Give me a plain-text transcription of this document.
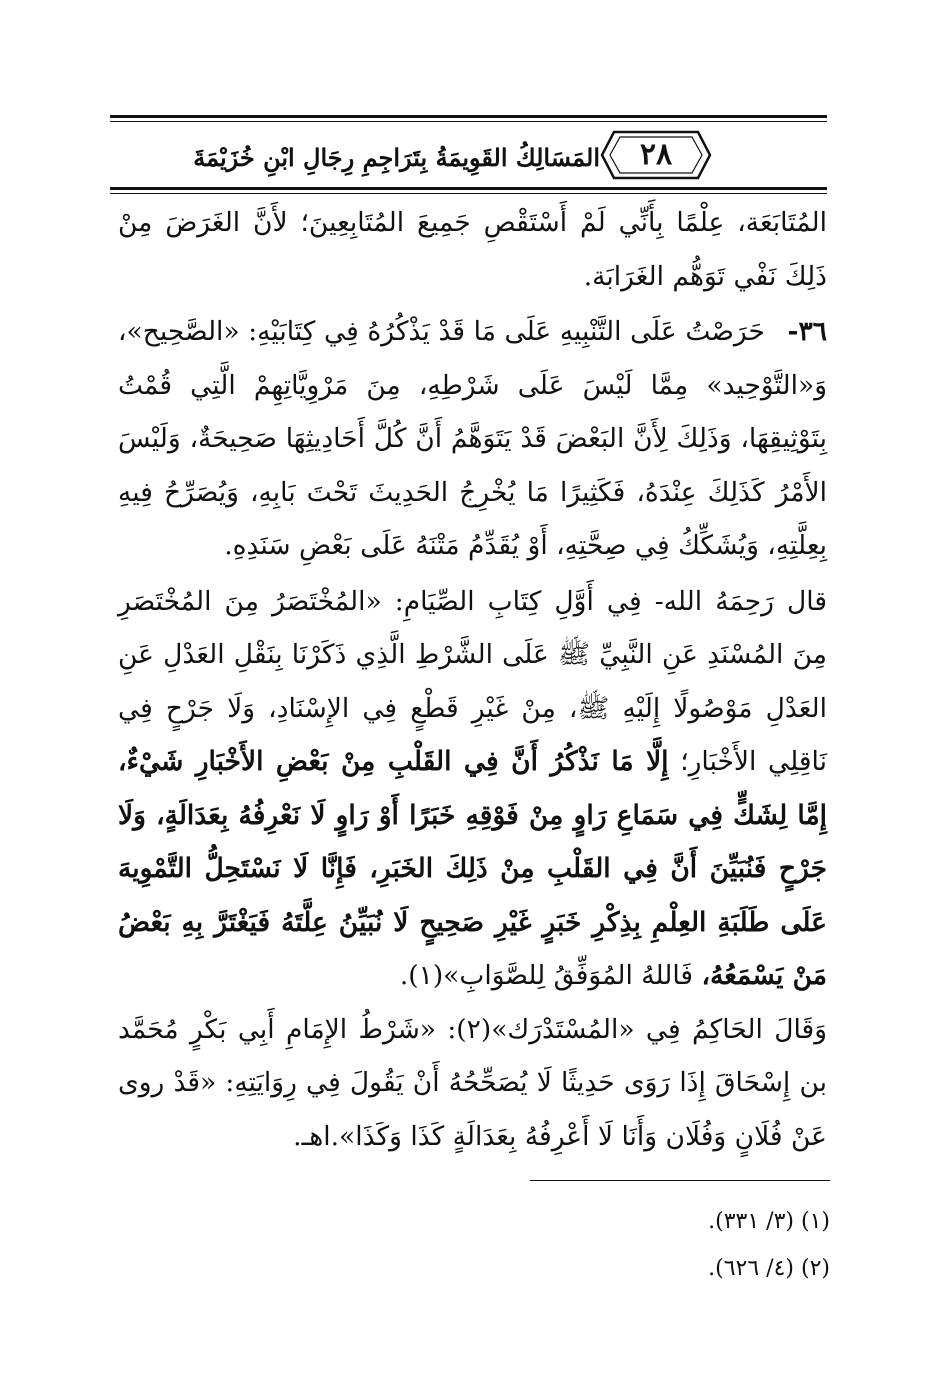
٢٨
المَسَالِكُ القَوِيمَةُ بِتَرَاجِمِ رِجَالِ ابْنِ خُزَيْمَةَ

المُتَابَعَة، عِلْمًا بِأَنِّي لَمْ أَسْتَقْصِ جَمِيعَ المُتَابِعِينَ؛ لأَنَّ الغَرَضَ مِنْ ذَلِكَ نَفْي تَوَهُّم الغَرَابَة.

٣٦- حَرَصْتُ عَلَى التَّنْبِيهِ عَلَى مَا قَدْ يَذْكُرُهُ فِي كِتَابَيْهِ: «الصَّحِيح»، وَ«التَّوْحِيد» مِمَّا لَيْسَ عَلَى شَرْطِهِ، مِنَ مَرْوِيَّاتِهِمْ الَّتِي قُمْتُ بِتَوْثِيقِهَا، وَذَلِكَ لِأَنَّ البَعْضَ قَدْ يَتَوَهَّمُ أَنَّ كُلَّ أَحَادِيثِهَا صَحِيحَةٌ، وَلَيْسَ الأَمْرُ كَذَلِكَ عِنْدَهُ، فَكَثِيرًا مَا يُخْرِجُ الحَدِيثَ تَحْتَ بَابِهِ، وَيُصَرِّحُ فِيهِ بِعِلَّتِهِ، وَيُشَكِّكُ فِي صِحَّتِهِ، أَوْ يُقَدِّمُ مَتْنَهُ عَلَى بَعْضِ سَنَدِهِ.

قال رَحِمَهُ الله- فِي أَوَّلِ كِتَابِ الصِّيَامِ: «المُخْتَصَرُ مِنَ المُخْتَصَرِ مِنَ المُسْنَدِ عَنِ النَّبِيِّ ﷺ عَلَى الشَّرْطِ الَّذِي ذَكَرْنَا بِنَقْلِ العَدْلِ عَنِ العَدْلِ مَوْصُولًا إِلَيْهِ ﷺ، مِنْ غَيْرِ قَطْعٍ فِي الإِسْنَادِ، وَلَا جَرْحٍ فِي نَاقِلِي الأَخْبَارِ؛ إِلَّا مَا نَذْكُرُ أَنَّ فِي القَلْبِ مِنْ بَعْضِ الأَخْبَارِ شَيْءٌ، إِمَّا لِشَكٍّ فِي سَمَاعِ رَاوٍ مِنْ فَوْقِهِ خَبَرًا أَوْ رَاوٍ لَا نَعْرِفُهُ بِعَدَالَةٍ، وَلَا جَرْحٍ فَنُبَيِّنَ أَنَّ فِي القَلْبِ مِنْ ذَلِكَ الخَبَرِ، فَإِنَّا لَا نَسْتَحِلُّ التَّمْوِيهَ عَلَى طَلَبَةِ العِلْمِ بِذِكْرِ خَبَرٍ غَيْرِ صَحِيحٍ لَا نُبَيِّنُ عِلَّتَهُ فَيَغْتَرَّ بِهِ بَعْضُ مَنْ يَسْمَعُهُ، فَاللهُ المُوَفِّقُ لِلصَّوَابِ»(١).

وَقَالَ الحَاكِمُ فِي «المُسْتَدْرَك»(٢): «شَرْطُ الإِمَامِ أَبِي بَكْرٍ مُحَمَّد بن إِسْحَاقَ إِذَا رَوَى حَدِيثًا لَا يُصَحِّحُهُ أَنْ يَقُولَ فِي رِوَايَتِهِ: «قَدْ روى عَنْ فُلَانٍ وَفُلَان وَأَنَا لَا أَعْرِفُهُ بِعَدَالَةٍ كَذَا وَكَذَا».اهـ.

(١) (٣/ ٣٣١).
(٢) (٤/ ٦٢٦).
